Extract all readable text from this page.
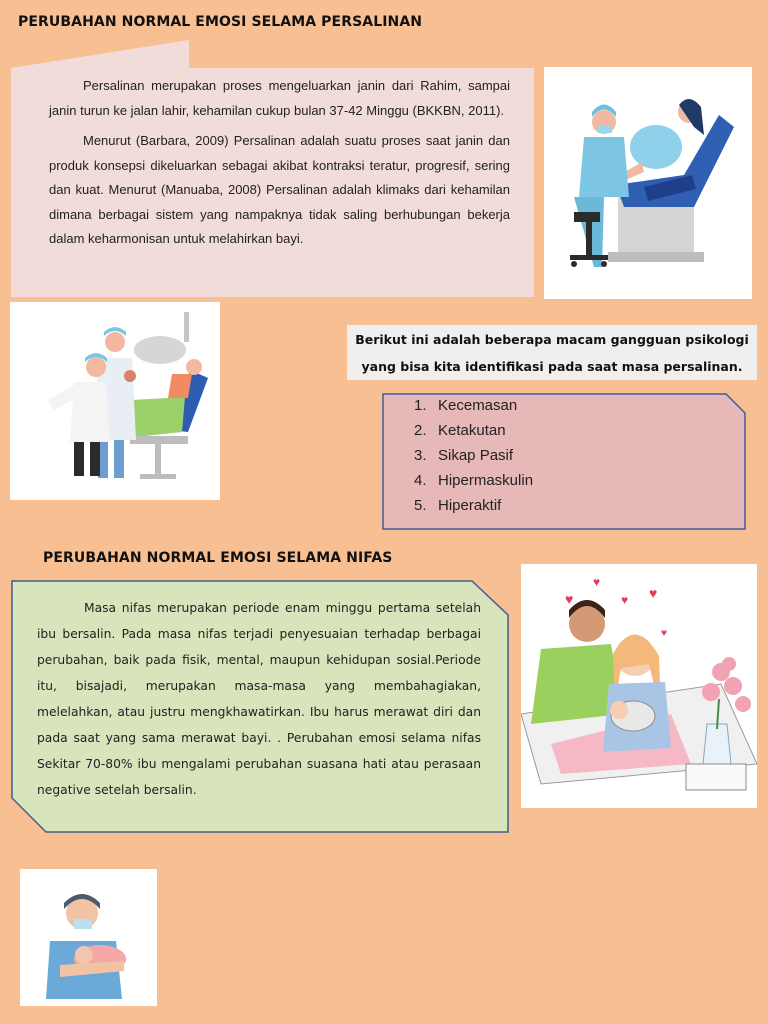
PERUBAHAN NORMAL EMOSI SELAMA PERSALINAN

Persalinan merupakan proses mengeluarkan janin dari Rahim, sampai janin turun ke jalan lahir, kehamilan cukup bulan 37-42 Minggu (BKKBN, 2011).

Menurut (Barbara, 2009) Persalinan adalah suatu proses saat janin dan produk konsepsi dikeluarkan sebagai akibat kontraksi teratur, progresif, sering dan kuat. Menurut (Manuaba, 2008) Persalinan adalah klimaks dari kehamilan dimana berbagai sistem yang nampaknya tidak saling berhubungan bekerja dalam keharmonisan untuk melahirkan bayi.

Berikut ini adalah beberapa macam gangguan psikologi yang bisa kita identifikasi pada saat masa persalinan.
1. Kecemasan
2. Ketakutan
3. Sikap Pasif
4. Hipermaskulin
5. Hiperaktif
PERUBAHAN NORMAL EMOSI SELAMA NIFAS

Masa nifas merupakan periode enam minggu pertama setelah ibu bersalin. Pada masa nifas terjadi penyesuaian terhadap berbagai perubahan, baik pada fisik, mental, maupun kehidupan sosial.Periode itu, bisajadi, merupakan masa-masa yang membahagiakan, melelahkan, atau justru mengkhawatirkan. Ibu harus merawat diri dan pada saat yang sama merawat bayi. . Perubahan emosi selama nifas Sekitar 70-80% ibu mengalami perubahan suasana hati atau perasaan negative setelah bersalin.

♥
♥
♥ ♥
♥
